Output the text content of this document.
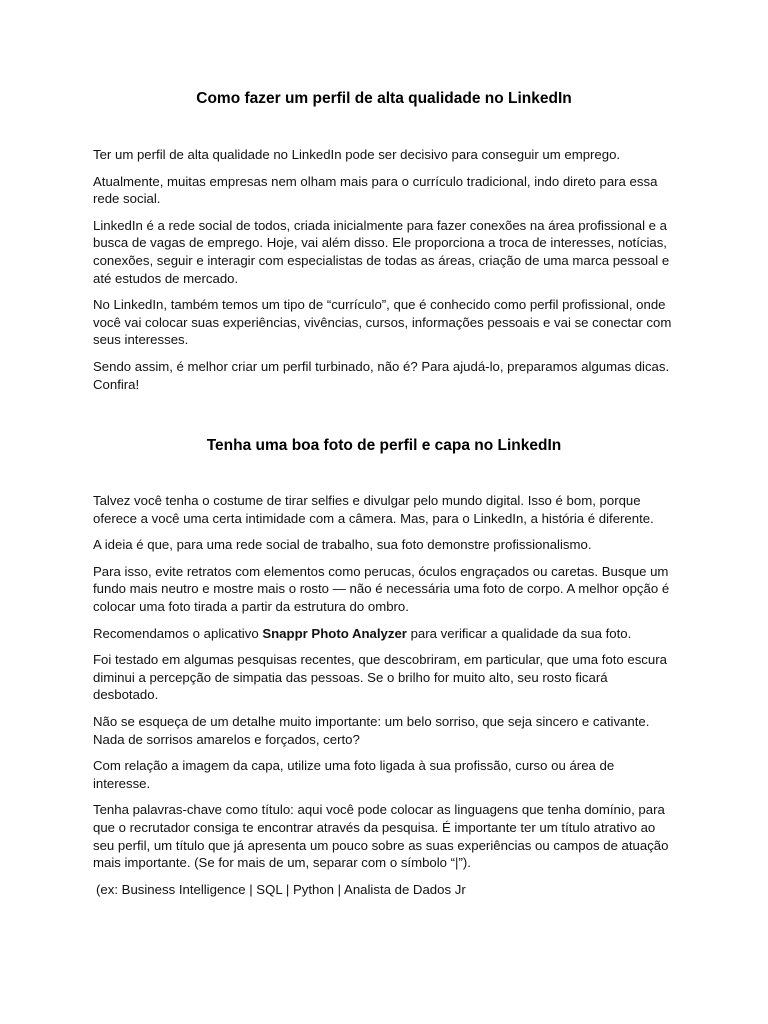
Como fazer um perfil de alta qualidade no LinkedIn

Ter um perfil de alta qualidade no LinkedIn pode ser decisivo para conseguir um emprego.

Atualmente, muitas empresas nem olham mais para o currículo tradicional, indo direto para essa rede social.

LinkedIn é a rede social de todos, criada inicialmente para fazer conexões na área profissional e a busca de vagas de emprego. Hoje, vai além disso. Ele proporciona a troca de interesses, notícias, conexões, seguir e interagir com especialistas de todas as áreas, criação de uma marca pessoal e até estudos de mercado.

No LinkedIn, também temos um tipo de “currículo”, que é conhecido como perfil profissional, onde você vai colocar suas experiências, vivências, cursos, informações pessoais e vai se conectar com seus interesses.

Sendo assim, é melhor criar um perfil turbinado, não é? Para ajudá-lo, preparamos algumas dicas. Confira!

Tenha uma boa foto de perfil e capa no LinkedIn

Talvez você tenha o costume de tirar selfies e divulgar pelo mundo digital. Isso é bom, porque oferece a você uma certa intimidade com a câmera. Mas, para o LinkedIn, a história é diferente.

A ideia é que, para uma rede social de trabalho, sua foto demonstre profissionalismo.

Para isso, evite retratos com elementos como perucas, óculos engraçados ou caretas. Busque um fundo mais neutro e mostre mais o rosto — não é necessária uma foto de corpo. A melhor opção é colocar uma foto tirada a partir da estrutura do ombro.

Recomendamos o aplicativo Snappr Photo Analyzer para verificar a qualidade da sua foto.

Foi testado em algumas pesquisas recentes, que descobriram, em particular, que uma foto escura diminui a percepção de simpatia das pessoas. Se o brilho for muito alto, seu rosto ficará desbotado.

Não se esqueça de um detalhe muito importante: um belo sorriso, que seja sincero e cativante. Nada de sorrisos amarelos e forçados, certo?

Com relação a imagem da capa, utilize uma foto ligada à sua profissão, curso ou área de interesse.

Tenha palavras-chave como título: aqui você pode colocar as linguagens que tenha domínio, para que o recrutador consiga te encontrar através da pesquisa. É importante ter um título atrativo ao seu perfil, um título que já apresenta um pouco sobre as suas experiências ou campos de atuação mais importante. (Se for mais de um, separar com o símbolo “|”).

(ex: Business Intelligence | SQL | Python | Analista de Dados Jr
